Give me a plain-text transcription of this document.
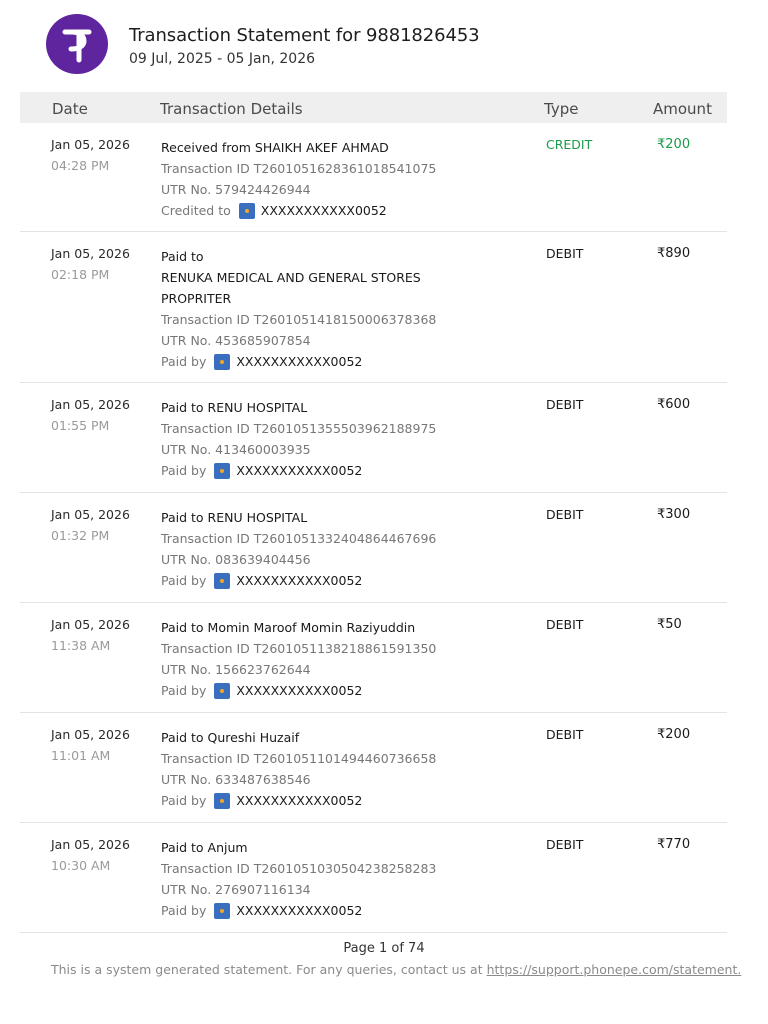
Transaction Statement for 9881826453
09 Jul, 2025 - 05 Jan, 2026
Date	Transaction Details	Type	Amount
Jan 05, 2026
04:28 PM
Received from SHAIKH AKEF AHMAD
Transaction ID T2601051628361018541075
UTR No. 579424426944
Credited to XXXXXXXXXXX0052
CREDIT	₹200
Jan 05, 2026
02:18 PM
Paid to
RENUKA MEDICAL AND GENERAL STORES
PROPRITER
Transaction ID T2601051418150006378368
UTR No. 453685907854
Paid by XXXXXXXXXXX0052
DEBIT	₹890
Jan 05, 2026
01:55 PM
Paid to RENU HOSPITAL
Transaction ID T2601051355503962188975
UTR No. 413460003935
Paid by XXXXXXXXXXX0052
DEBIT	₹600
Jan 05, 2026
01:32 PM
Paid to RENU HOSPITAL
Transaction ID T2601051332404864467696
UTR No. 083639404456
Paid by XXXXXXXXXXX0052
DEBIT	₹300
Jan 05, 2026
11:38 AM
Paid to Momin Maroof Momin Raziyuddin
Transaction ID T2601051138218861591350
UTR No. 156623762644
Paid by XXXXXXXXXXX0052
DEBIT	₹50
Jan 05, 2026
11:01 AM
Paid to Qureshi Huzaif
Transaction ID T2601051101494460736658
UTR No. 633487638546
Paid by XXXXXXXXXXX0052
DEBIT	₹200
Jan 05, 2026
10:30 AM
Paid to Anjum
Transaction ID T2601051030504238258283
UTR No. 276907116134
Paid by XXXXXXXXXXX0052
DEBIT	₹770
Page 1 of 74
This is a system generated statement. For any queries, contact us at https://support.phonepe.com/statement.
